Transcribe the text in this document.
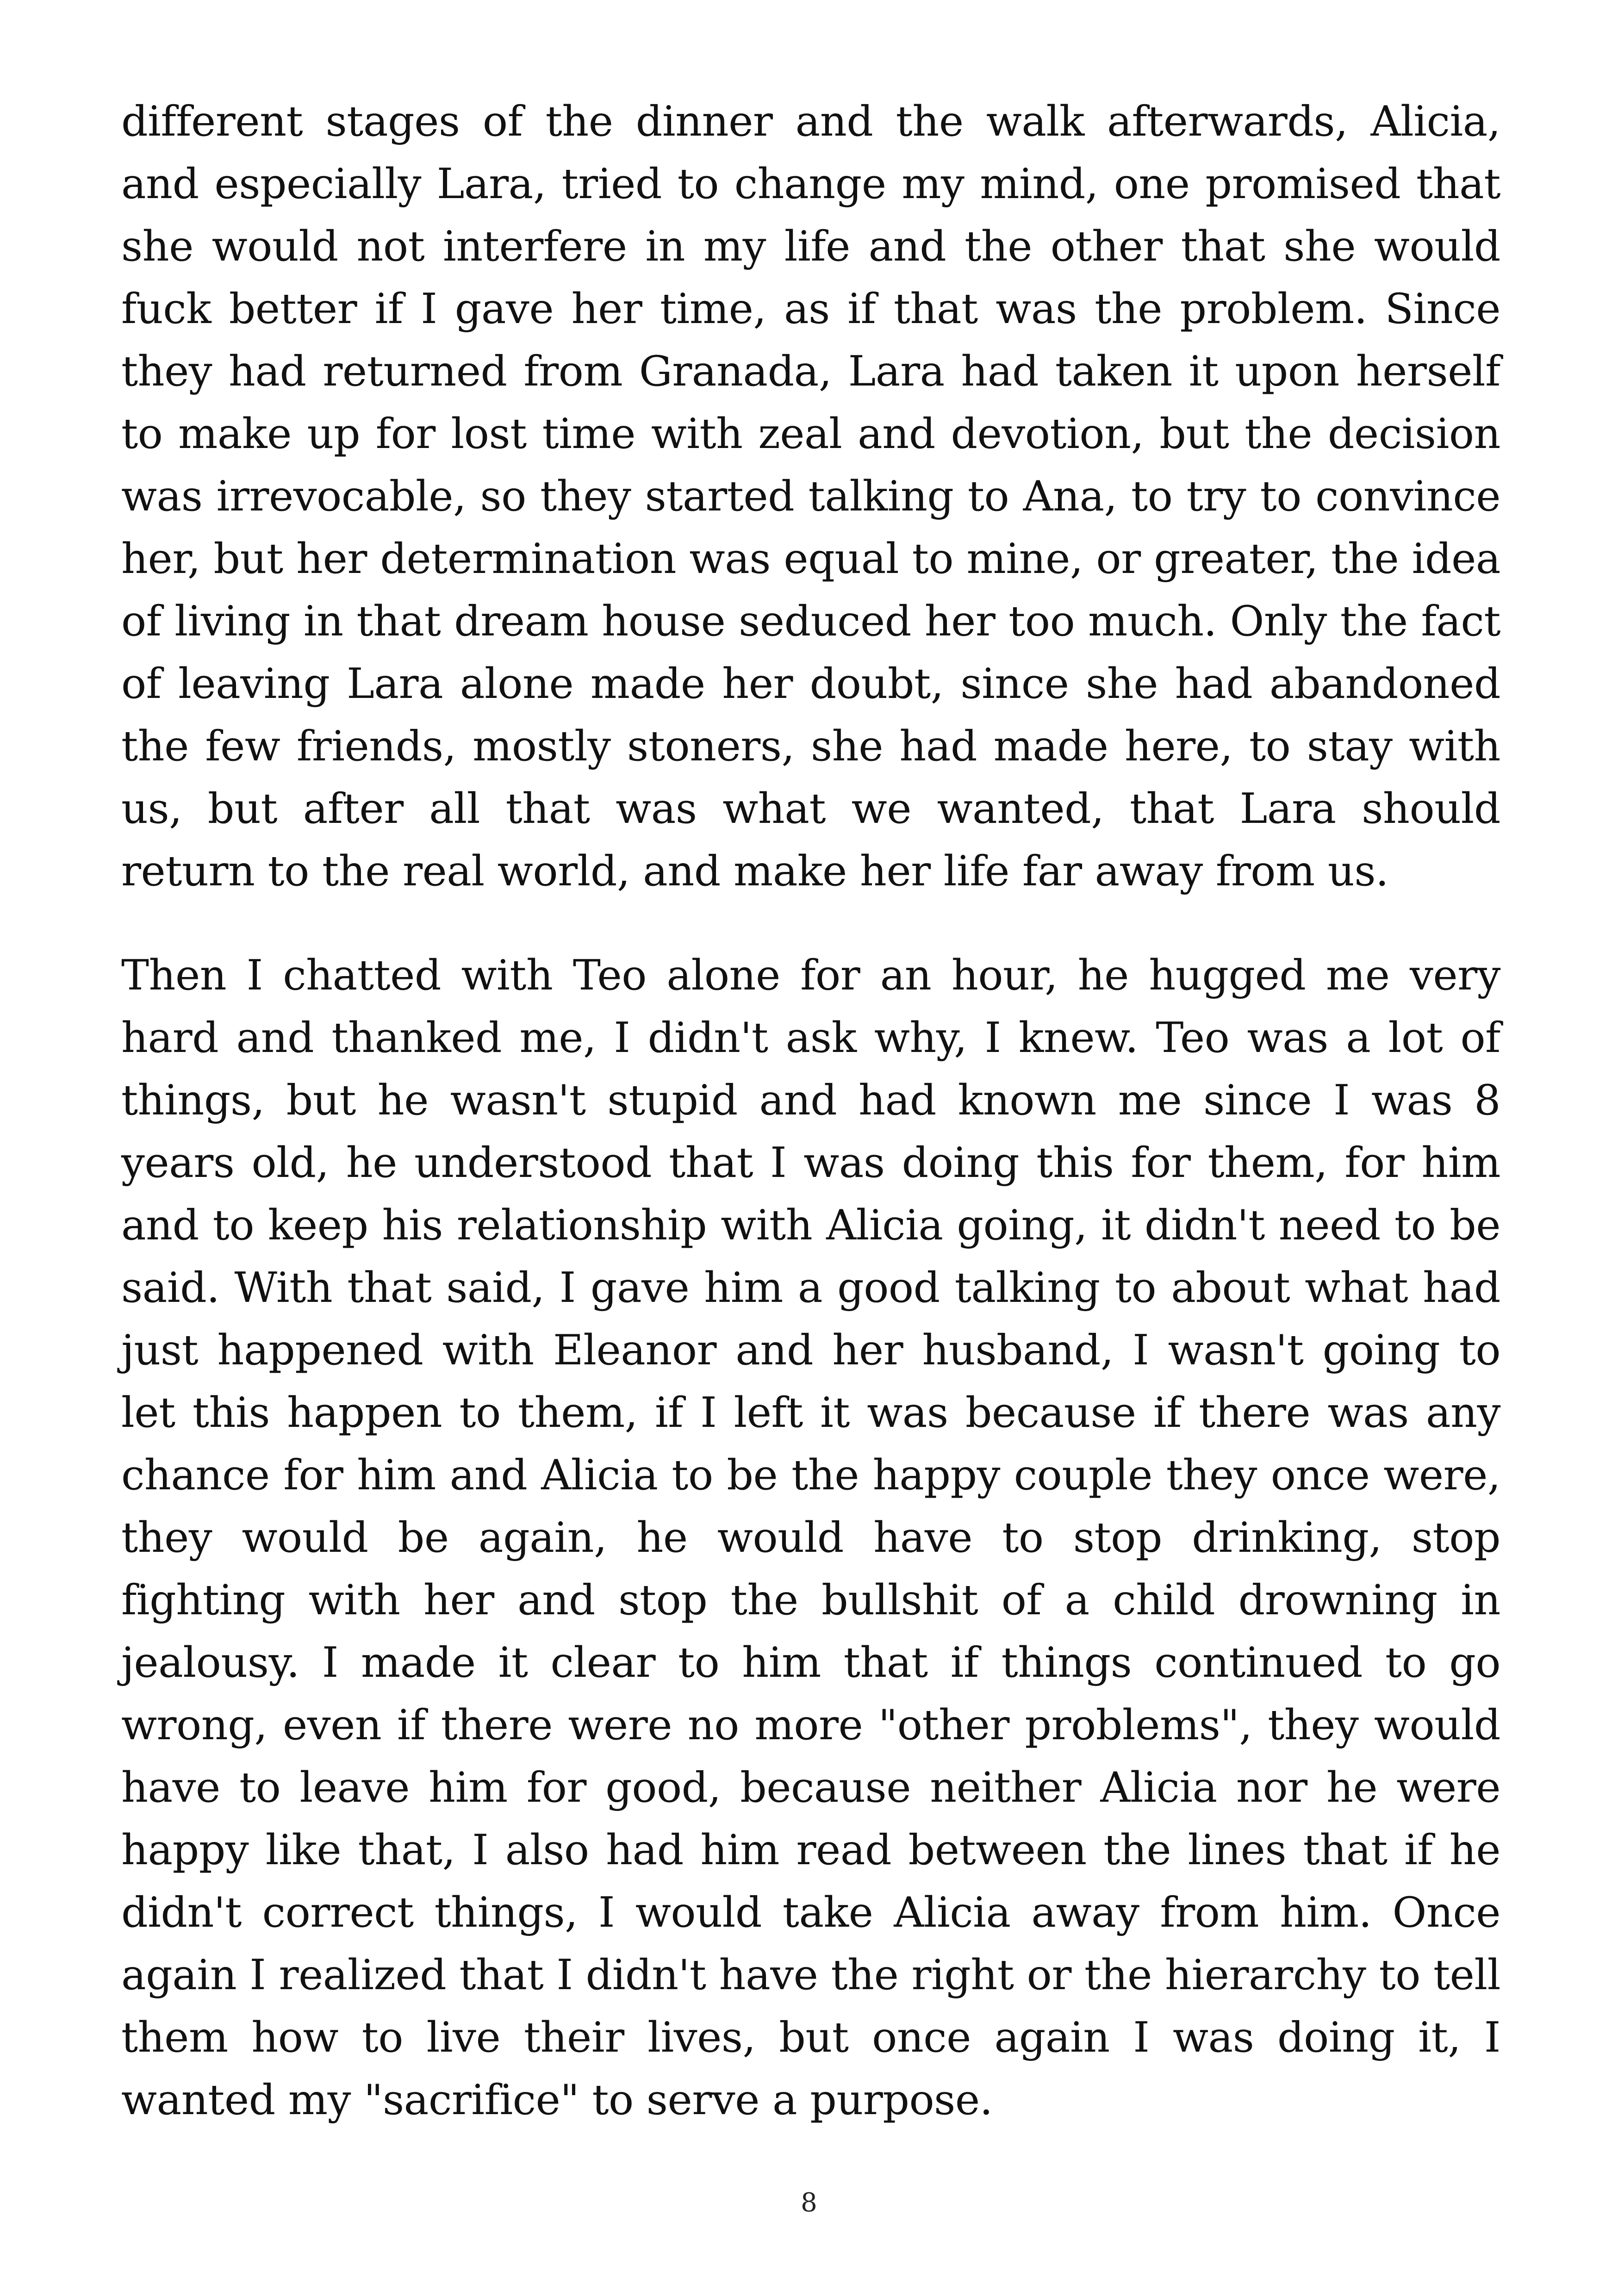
different stages of the dinner and the walk afterwards, Alicia, and especially Lara, tried to change my mind, one promised that she would not interfere in my life and the other that she would fuck better if I gave her time, as if that was the problem. Since they had returned from Granada, Lara had taken it upon herself to make up for lost time with zeal and devotion, but the decision was irrevocable, so they started talking to Ana, to try to convince her, but her determination was equal to mine, or greater, the idea of living in that dream house seduced her too much. Only the fact of leaving Lara alone made her doubt, since she had abandoned the few friends, mostly stoners, she had made here, to stay with us, but after all that was what we wanted, that Lara should return to the real world, and make her life far away from us.

Then I chatted with Teo alone for an hour, he hugged me very hard and thanked me, I didn't ask why, I knew. Teo was a lot of things, but he wasn't stupid and had known me since I was 8 years old, he understood that I was doing this for them, for him and to keep his relationship with Alicia going, it didn't need to be said. With that said, I gave him a good talking to about what had just happened with Eleanor and her husband, I wasn't going to let this happen to them, if I left it was because if there was any chance for him and Alicia to be the happy couple they once were, they would be again, he would have to stop drinking, stop fighting with her and stop the bullshit of a child drowning in jealousy. I made it clear to him that if things continued to go wrong, even if there were no more "other problems", they would have to leave him for good, because neither Alicia nor he were happy like that, I also had him read between the lines that if he didn't correct things, I would take Alicia away from him. Once again I realized that I didn't have the right or the hierarchy to tell them how to live their lives, but once again I was doing it, I wanted my "sacrifice" to serve a purpose.

8
